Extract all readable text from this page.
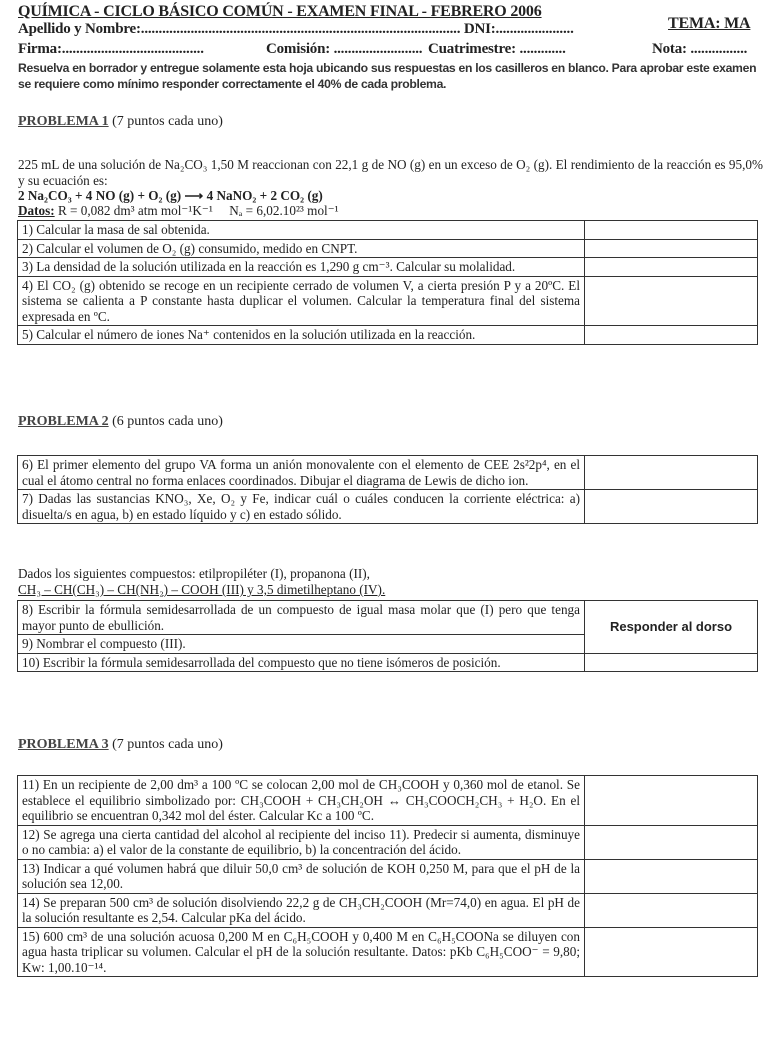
QUÍMICA - CICLO BÁSICO COMÚN - EXAMEN FINAL - FEBRERO 2006
TEMA: MA
Apellido y Nombre:.......................................................................................... DNI:......................
Firma:........................................	Comisión: ......................... Cuatrimestre: .............	Nota: ................
Resuelva en borrador y entregue solamente esta hoja ubicando sus respuestas en los casilleros en blanco. Para aprobar este examen se requiere como mínimo responder correctamente el 40% de cada problema.
PROBLEMA 1 (7 puntos cada uno)
225 mL de una solución de Na₂CO₃ 1,50 M reaccionan con 22,1 g de NO (g) en un exceso de O₂ (g). El rendimiento de la reacción es 95,0% y su ecuación es:
2 Na₂CO₃ + 4 NO (g) + O₂ (g) ⟶ 4 NaNO₂ + 2 CO₂ (g)
Datos: R = 0,082 dm³ atm mol⁻¹K⁻¹     Nₐ = 6,02.10²³ mol⁻¹
1) Calcular la masa de sal obtenida.	
2) Calcular el volumen de O₂ (g) consumido, medido en CNPT.	
3) La densidad de la solución utilizada en la reacción es 1,290 g cm⁻³. Calcular su molalidad.	
4) El CO₂ (g) obtenido se recoge en un recipiente cerrado de volumen V, a cierta presión P y a 20ºC. El sistema se calienta a P constante hasta duplicar el volumen. Calcular la temperatura final del sistema expresada en ºC.	
5) Calcular el número de iones Na⁺ contenidos en la solución utilizada en la reacción.	
PROBLEMA 2 (6 puntos cada uno)
6) El primer elemento del grupo VA forma un anión monovalente con el elemento de CEE 2s²2p⁴, en el cual el átomo central no forma enlaces coordinados. Dibujar el diagrama de Lewis de dicho ion.	
7) Dadas las sustancias KNO₃, Xe, O₂ y Fe, indicar cuál o cuáles conducen la corriente eléctrica: a) disuelta/s en agua, b) en estado líquido y c) en estado sólido.	
Dados los siguientes compuestos: etilpropiléter (I), propanona (II),
CH₃ – CH(CH₃) – CH(NH₂) – COOH (III) y 3,5 dimetilheptano (IV).
8) Escribir la fórmula semidesarrollada de un compuesto de igual masa molar que (I) pero que tenga mayor punto de ebullición.	Responder al dorso
9) Nombrar el compuesto (III).	
10) Escribir la fórmula semidesarrollada del compuesto que no tiene isómeros de posición.	
PROBLEMA 3 (7 puntos cada uno)
11) En un recipiente de 2,00 dm³ a 100 ºC se colocan 2,00 mol de CH₃COOH y 0,360 mol de etanol. Se establece el equilibrio simbolizado por: CH₃COOH + CH₃CH₂OH ↔ CH₃COOCH₂CH₃ + H₂O. En el equilibrio se encuentran 0,342 mol del éster. Calcular Kc a 100 ºC.	
12) Se agrega una cierta cantidad del alcohol al recipiente del inciso 11). Predecir si aumenta, disminuye o no cambia: a) el valor de la constante de equilibrio, b) la concentración del ácido.	
13) Indicar a qué volumen habrá que diluir 50,0 cm³ de solución de KOH 0,250 M, para que el pH de la solución sea 12,00.	
14) Se preparan 500 cm³ de solución disolviendo 22,2 g de CH₃CH₂COOH (Mr=74,0) en agua. El pH de la solución resultante es 2,54. Calcular pKa del ácido.	
15) 600 cm³ de una solución acuosa 0,200 M en C₆H₅COOH y 0,400 M en C₆H₅COONa se diluyen con agua hasta triplicar su volumen. Calcular el pH de la solución resultante. Datos: pKb C₆H₅COO⁻ = 9,80; Kw: 1,00.10⁻¹⁴.	
